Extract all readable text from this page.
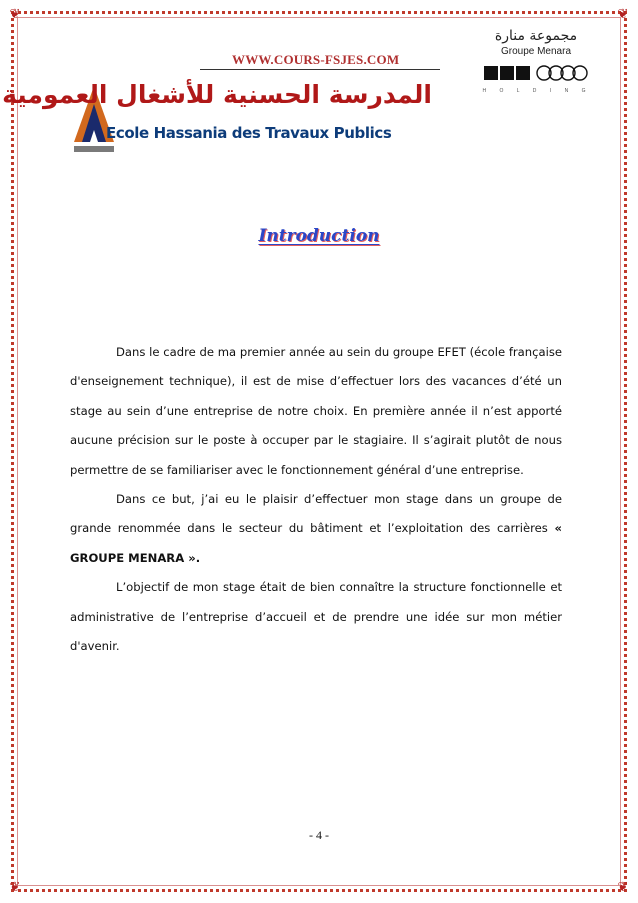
❦	❦
❦	❦
WWW.COURS-FSJES.COM
مجموعة منارة
Groupe Menara
H O L D I N G
المدرسة الحسنية للأشغال العمومية
Ecole Hassania des Travaux Publics
Introduction

Dans le cadre de ma premier année au sein du groupe EFET (école française d'enseignement technique), il est de mise d’effectuer lors des vacances d’été un stage au sein d’une entreprise de notre choix. En première année il n’est apporté aucune précision sur le poste à occuper par le stagiaire. Il s’agirait plutôt de nous permettre de se familiariser avec le fonctionnement général d’une entreprise.

Dans ce but, j’ai eu le plaisir d’effectuer mon stage dans un groupe de grande renommée dans le secteur du bâtiment et l’exploitation des carrières « GROUPE MENARA ».

L’objectif de mon stage était de bien connaître la structure fonctionnelle et administrative de l’entreprise d’accueil et de prendre une idée sur mon métier d'avenir.

- 4 -
